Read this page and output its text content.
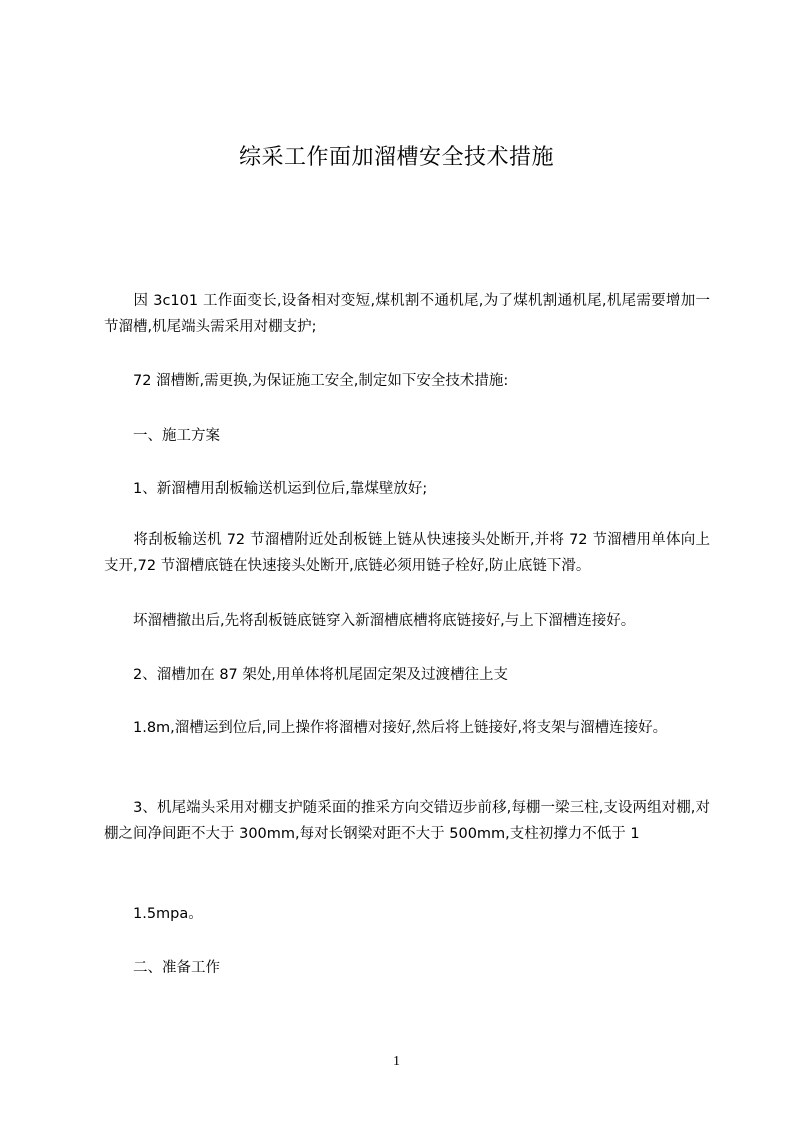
综采工作面加溜槽安全技术措施
　　因 3c101 工作面变长,设备相对变短,煤机割不通机尾,为了煤机割通机尾,机尾需要增加一节溜槽,机尾端头需采用对棚支护;
　　72 溜槽断,需更换,为保证施工安全,制定如下安全技术措施:
　　一、施工方案
　　1、新溜槽用刮板输送机运到位后,靠煤壁放好;
　　将刮板输送机 72 节溜槽附近处刮板链上链从快速接头处断开,并将 72 节溜槽用单体向上支开,72 节溜槽底链在快速接头处断开,底链必须用链子栓好,防止底链下滑。
　　坏溜槽撤出后,先将刮板链底链穿入新溜槽底槽将底链接好,与上下溜槽连接好。
　　2、溜槽加在 87 架处,用单体将机尾固定架及过渡槽往上支
　　1.8m,溜槽运到位后,同上操作将溜槽对接好,然后将上链接好,将支架与溜槽连接好。
　　3、机尾端头采用对棚支护随采面的推采方向交错迈步前移,每棚一梁三柱,支设两组对棚,对棚之间净间距不大于 300mm,每对长钢梁对距不大于 500mm,支柱初撑力不低于 1
　　1.5mpa。
　　二、准备工作
1
